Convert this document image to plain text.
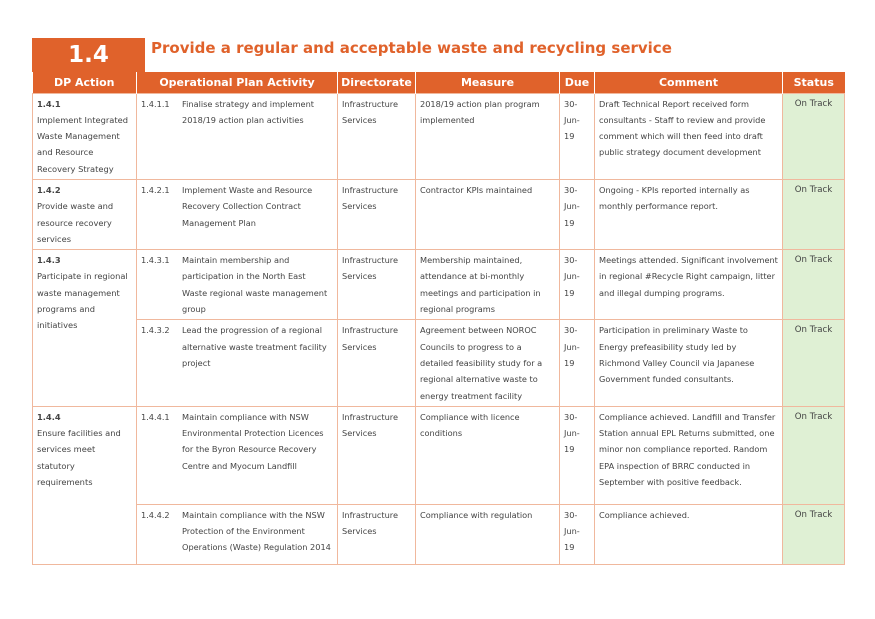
1.4	Provide a regular and acceptable waste and recycling service
DP Action	Operational Plan Activity	Directorate	Measure	Due	Comment	Status

1.4.1
Implement Integrated Waste Management and Resource Recovery Strategy	1.4.1.1 Finalise strategy and implement 2018/19 action plan activities	Infrastructure Services	2018/19 action plan program implemented	30-Jun-19	Draft Technical Report received form consultants - Staff to review and provide comment which will then feed into draft public strategy document development	On Track

1.4.2
Provide waste and resource recovery services	1.4.2.1 Implement Waste and Resource Recovery Collection Contract Management Plan	Infrastructure Services	Contractor KPIs maintained	30-Jun-19	Ongoing - KPIs reported internally as monthly performance report.	On Track

1.4.3
Participate in regional waste management programs and initiatives	1.4.3.1 Maintain membership and participation in the North East Waste regional waste management group	Infrastructure Services	Membership maintained, attendance at bi-monthly meetings and participation in regional programs	30-Jun-19	Meetings attended. Significant involvement in regional #Recycle Right campaign, litter and illegal dumping programs.	On Track

	1.4.3.2 Lead the progression of a regional alternative waste treatment facility project	Infrastructure Services	Agreement between NOROC Councils to progress to a detailed feasibility study for a regional alternative waste to energy treatment facility	30-Jun-19	Participation in preliminary Waste to Energy prefeasibility study led by Richmond Valley Council via Japanese Government funded consultants.	On Track

1.4.4
Ensure facilities and services meet statutory requirements	1.4.4.1 Maintain compliance with NSW Environmental Protection Licences for the Byron Resource Recovery Centre and Myocum Landfill	Infrastructure Services	Compliance with licence conditions	30-Jun-19	Compliance achieved. Landfill and Transfer Station annual EPL Returns submitted, one minor non compliance reported. Random EPA inspection of BRRC conducted in September with positive feedback.	On Track

	1.4.4.2 Maintain compliance with the NSW Protection of the Environment Operations (Waste) Regulation 2014	Infrastructure Services	Compliance with regulation	30-Jun-19	Compliance achieved.	On Track
